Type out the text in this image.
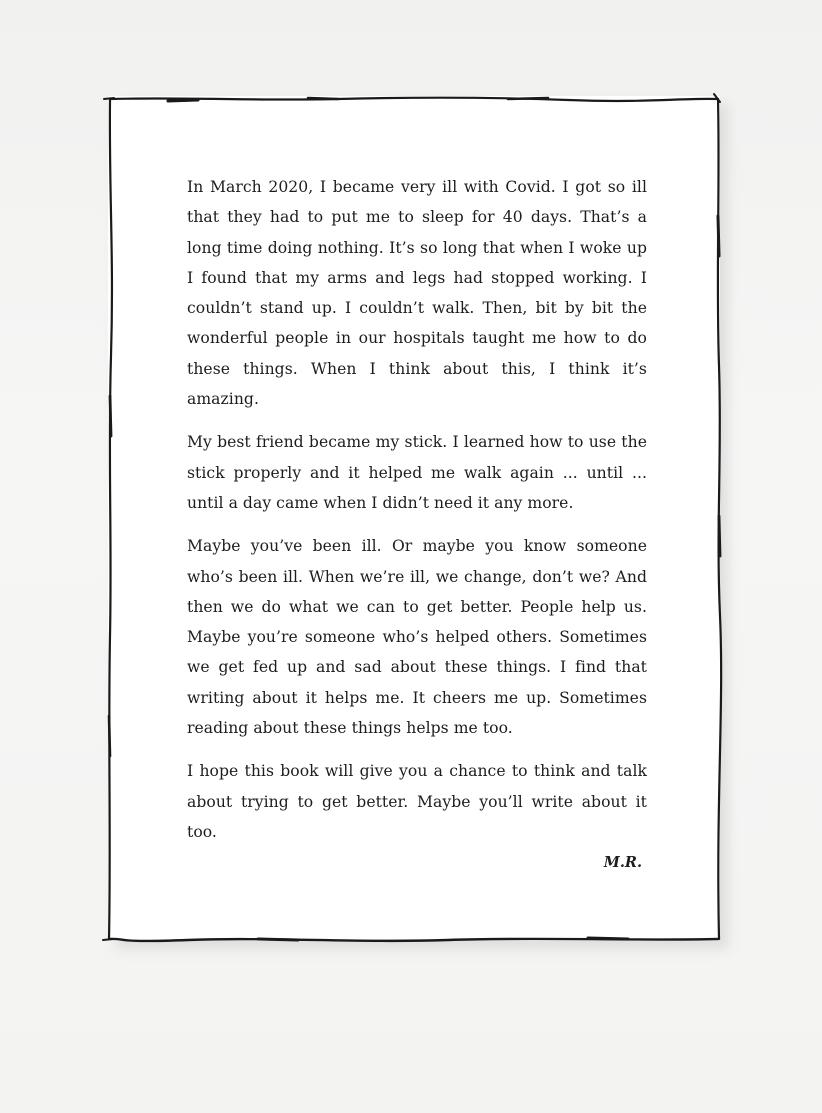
In March 2020, I became very ill with Covid. I got so ill that they had to put me to sleep for 40 days. That’s a long time doing nothing. It’s so long that when I woke up I found that my arms and legs had stopped working. I couldn’t stand up. I couldn’t walk. Then, bit by bit the wonderful people in our hospitals taught me how to do these things. When I think about this, I think it’s amazing.

My best friend became my stick. I learned how to use the stick properly and it helped me walk again ... until ... until a day came when I didn’t need it any more.

Maybe you’ve been ill. Or maybe you know someone who’s been ill. When we’re ill, we change, don’t we? And then we do what we can to get better. People help us. Maybe you’re someone who’s helped others. Sometimes we get fed up and sad about these things. I find that writing about it helps me. It cheers me up. Sometimes reading about these things helps me too.

I hope this book will give you a chance to think and talk about trying to get better. Maybe you’ll write about it too.

M.R.
